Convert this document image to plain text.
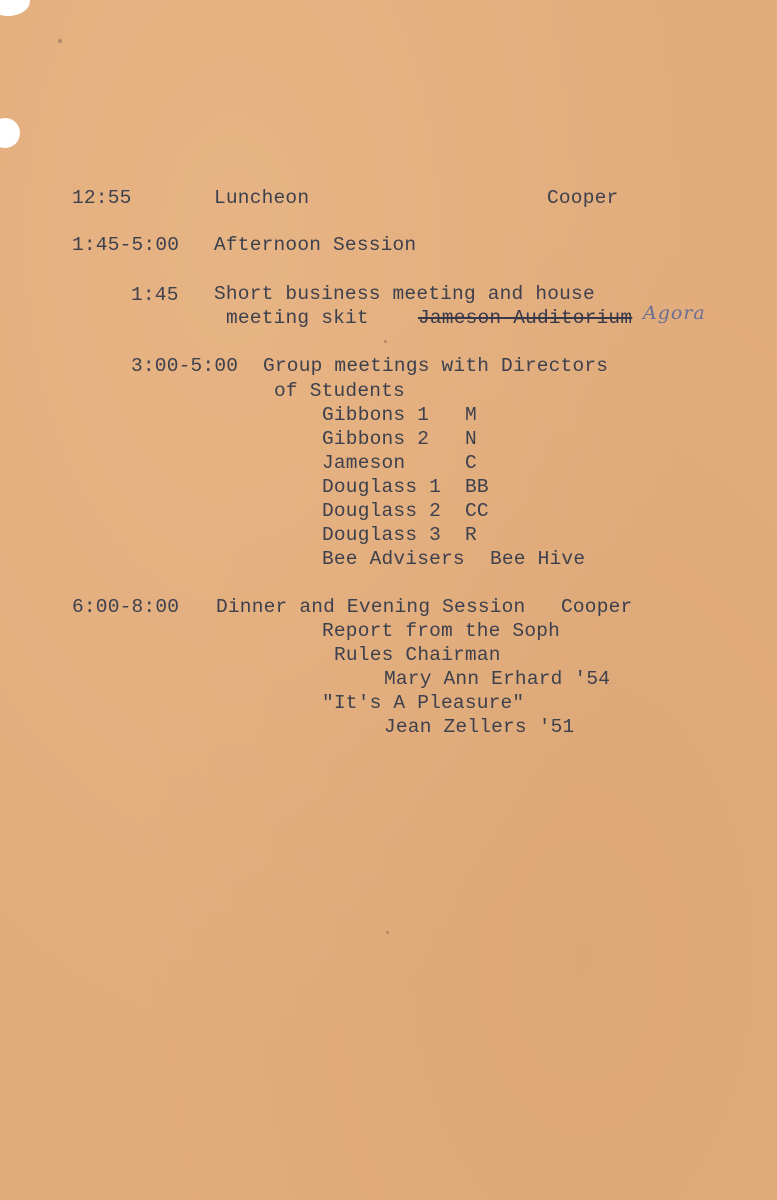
12:55	Luncheon	Cooper
1:45-5:00 Afternoon Session
1:45 Short business meeting and house
meeting skit	Jameson Auditorium Agora
3:00-5:00 Group meetings with Directors
of Students
Gibbons 1 M
Gibbons 2 N
Jameson	C
Douglass 1 BB
Douglass 2 CC
Douglass 3 R
Bee Advisers Bee Hive
6:00-8:00 Dinner and Evening Session Cooper
Report from the Soph
Rules Chairman
Mary Ann Erhard '54
"It's A Pleasure"
Jean Zellers '51
